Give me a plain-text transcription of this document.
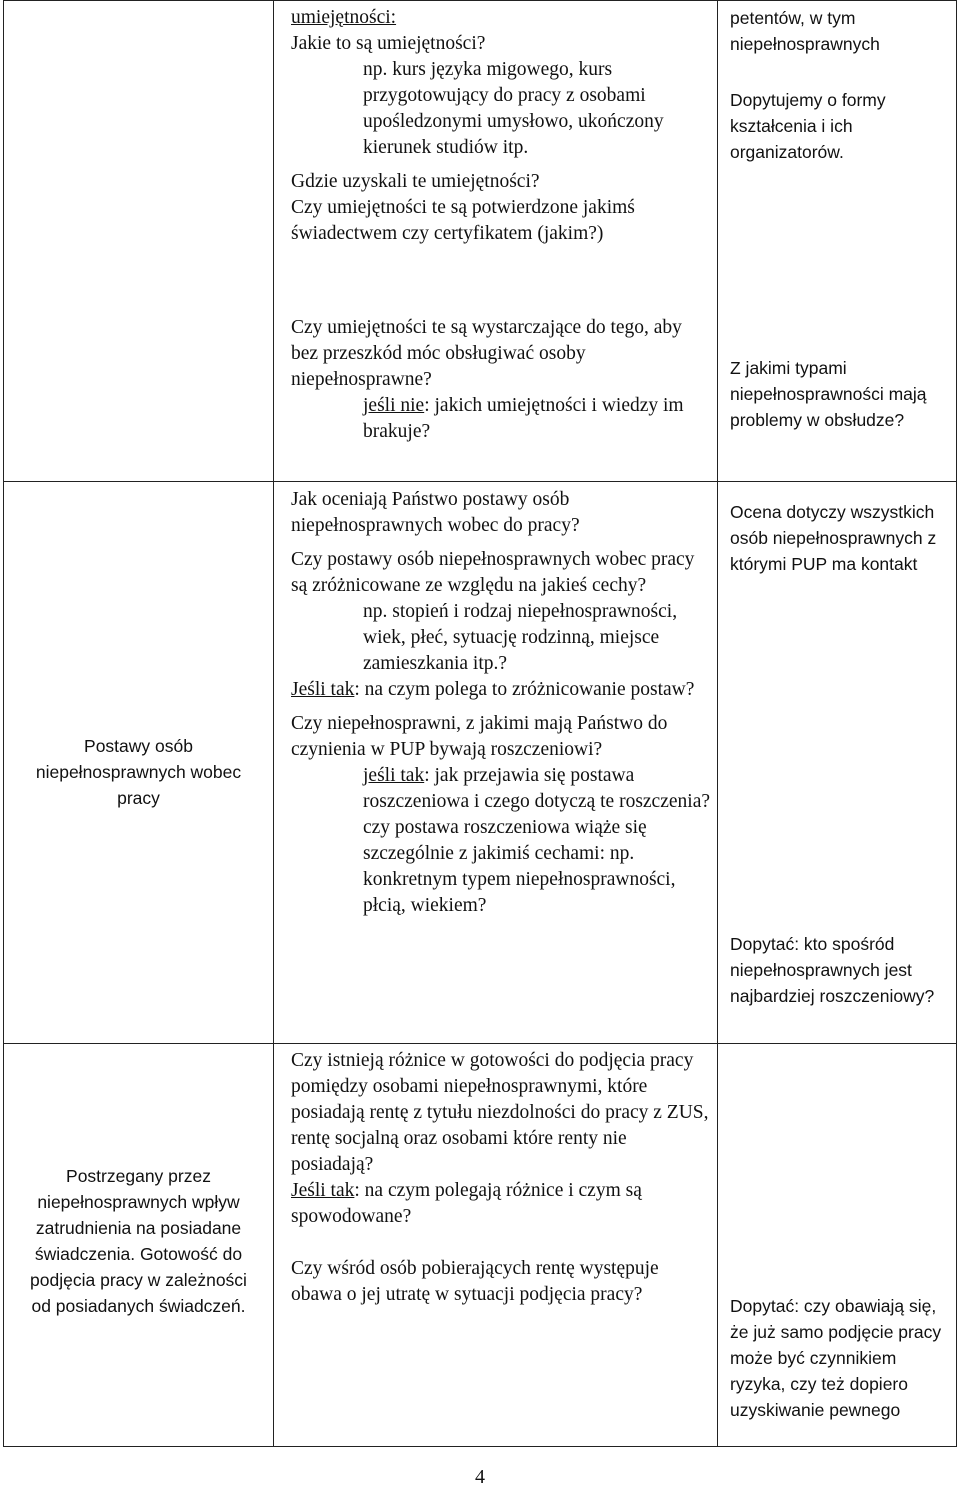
umiejętności:

Jakie to są umiejętności?

np. kurs języka migowego, kurs przygotowujący do pracy z osobami upośledzonymi umysłowo, ukończony kierunek studiów itp.

Gdzie uzyskali te umiejętności?

Czy umiejętności te są potwierdzone jakimś świadectwem czy certyfikatem (jakim?)

Czy umiejętności te są wystarczające do tego, aby bez przeszkód móc obsługiwać osoby niepełnosprawne?

jeśli nie: jakich umiejętności i wiedzy im brakuje?

petentów, w tym niepełnosprawnych

Dopytujemy o formy kształcenia i ich organizatorów.

Z jakimi typami niepełnosprawności mają problemy w obsłudze?

Postawy osób niepełnosprawnych wobec pracy

Jak oceniają Państwo postawy osób niepełnosprawnych wobec do pracy?

Czy postawy osób niepełnosprawnych wobec pracy są zróżnicowane ze względu na jakieś cechy?

np. stopień i rodzaj niepełnosprawności, wiek, płeć, sytuację rodzinną, miejsce zamieszkania itp.?

Jeśli tak: na czym polega to zróżnicowanie postaw?

Czy niepełnosprawni, z jakimi mają Państwo do czynienia w PUP bywają roszczeniowi?

jeśli tak: jak przejawia się postawa roszczeniowa i czego dotyczą te roszczenia?

czy postawa roszczeniowa wiąże się szczególnie z jakimiś cechami: np. konkretnym typem niepełnosprawności, płcią, wiekiem?

Ocena dotyczy wszystkich osób niepełnosprawnych z którymi PUP ma kontakt

Dopytać: kto spośród niepełnosprawnych jest najbardziej roszczeniowy?

Postrzegany przez niepełnosprawnych wpływ zatrudnienia na posiadane świadczenia. Gotowość do podjęcia pracy w zależności od posiadanych świadczeń.

Czy istnieją różnice w gotowości do podjęcia pracy pomiędzy osobami niepełnosprawnymi, które posiadają rentę z tytułu niezdolności do pracy z ZUS, rentę socjalną oraz osobami które renty nie posiadają?

Jeśli tak: na czym polegają różnice i czym są spowodowane?

Czy wśród osób pobierających rentę występuje obawa o jej utratę w sytuacji podjęcia pracy?

Dopytać: czy obawiają się, że już samo podjęcie pracy może być czynnikiem ryzyka, czy też dopiero uzyskiwanie pewnego

4
